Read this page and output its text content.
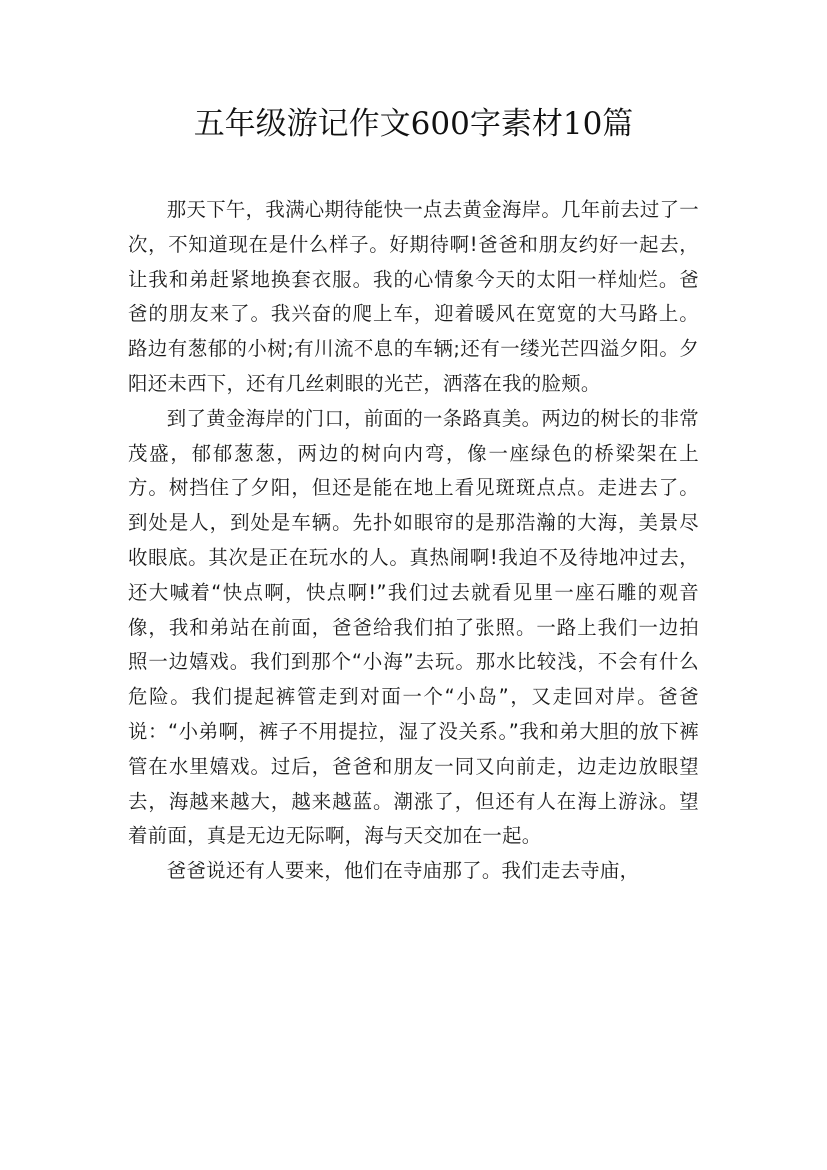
五年级游记作文600字素材10篇

那天下午，我满心期待能快一点去黄金海岸。几年前去过了一次，不知道现在是什么样子。好期待啊!爸爸和朋友约好一起去，让我和弟赶紧地换套衣服。我的心情象今天的太阳一样灿烂。爸爸的朋友来了。我兴奋的爬上车，迎着暖风在宽宽的大马路上。路边有葱郁的小树;有川流不息的车辆;还有一缕光芒四溢夕阳。夕阳还未西下，还有几丝刺眼的光芒，洒落在我的脸颊。

到了黄金海岸的门口，前面的一条路真美。两边的树长的非常茂盛，郁郁葱葱，两边的树向内弯，像一座绿色的桥梁架在上方。树挡住了夕阳，但还是能在地上看见斑斑点点。走进去了。到处是人，到处是车辆。先扑如眼帘的是那浩瀚的大海，美景尽收眼底。其次是正在玩水的人。真热闹啊!我迫不及待地冲过去，还大喊着“快点啊，快点啊!”我们过去就看见里一座石雕的观音像，我和弟站在前面，爸爸给我们拍了张照。一路上我们一边拍照一边嬉戏。我们到那个“小海”去玩。那水比较浅，不会有什么危险。我们提起裤管走到对面一个“小岛”，又走回对岸。爸爸说：“小弟啊，裤子不用提拉，湿了没关系。”我和弟大胆的放下裤管在水里嬉戏。过后，爸爸和朋友一同又向前走，边走边放眼望去，海越来越大，越来越蓝。潮涨了，但还有人在海上游泳。望着前面，真是无边无际啊，海与天交加在一起。

爸爸说还有人要来，他们在寺庙那了。我们走去寺庙，
